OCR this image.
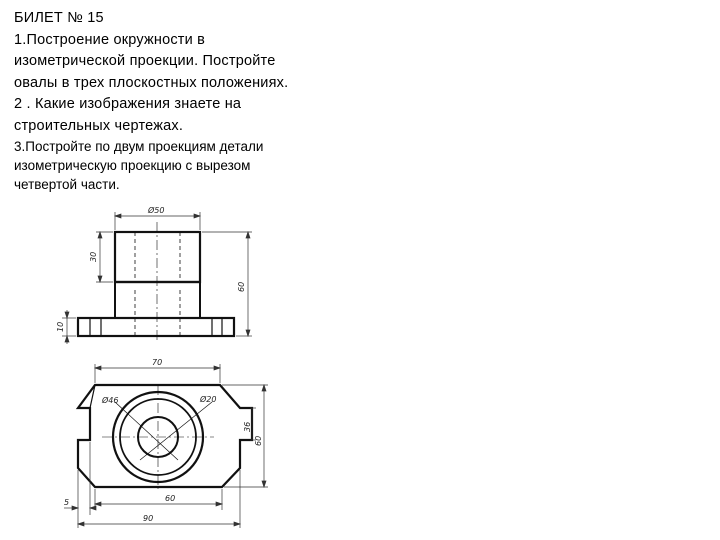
БИЛЕТ № 15
1.Построение окружности в
изометрической проекции. Постройте
овалы в трех плоскостных положениях.
2 . Какие изображения знаете на
строительных чертежах.
3.Постройте по двум проекциям детали
изометрическую проекцию с вырезом
четвертой части.
Ø50
30
60
10
70
Ø46	Ø20
36
60
5	60
90
